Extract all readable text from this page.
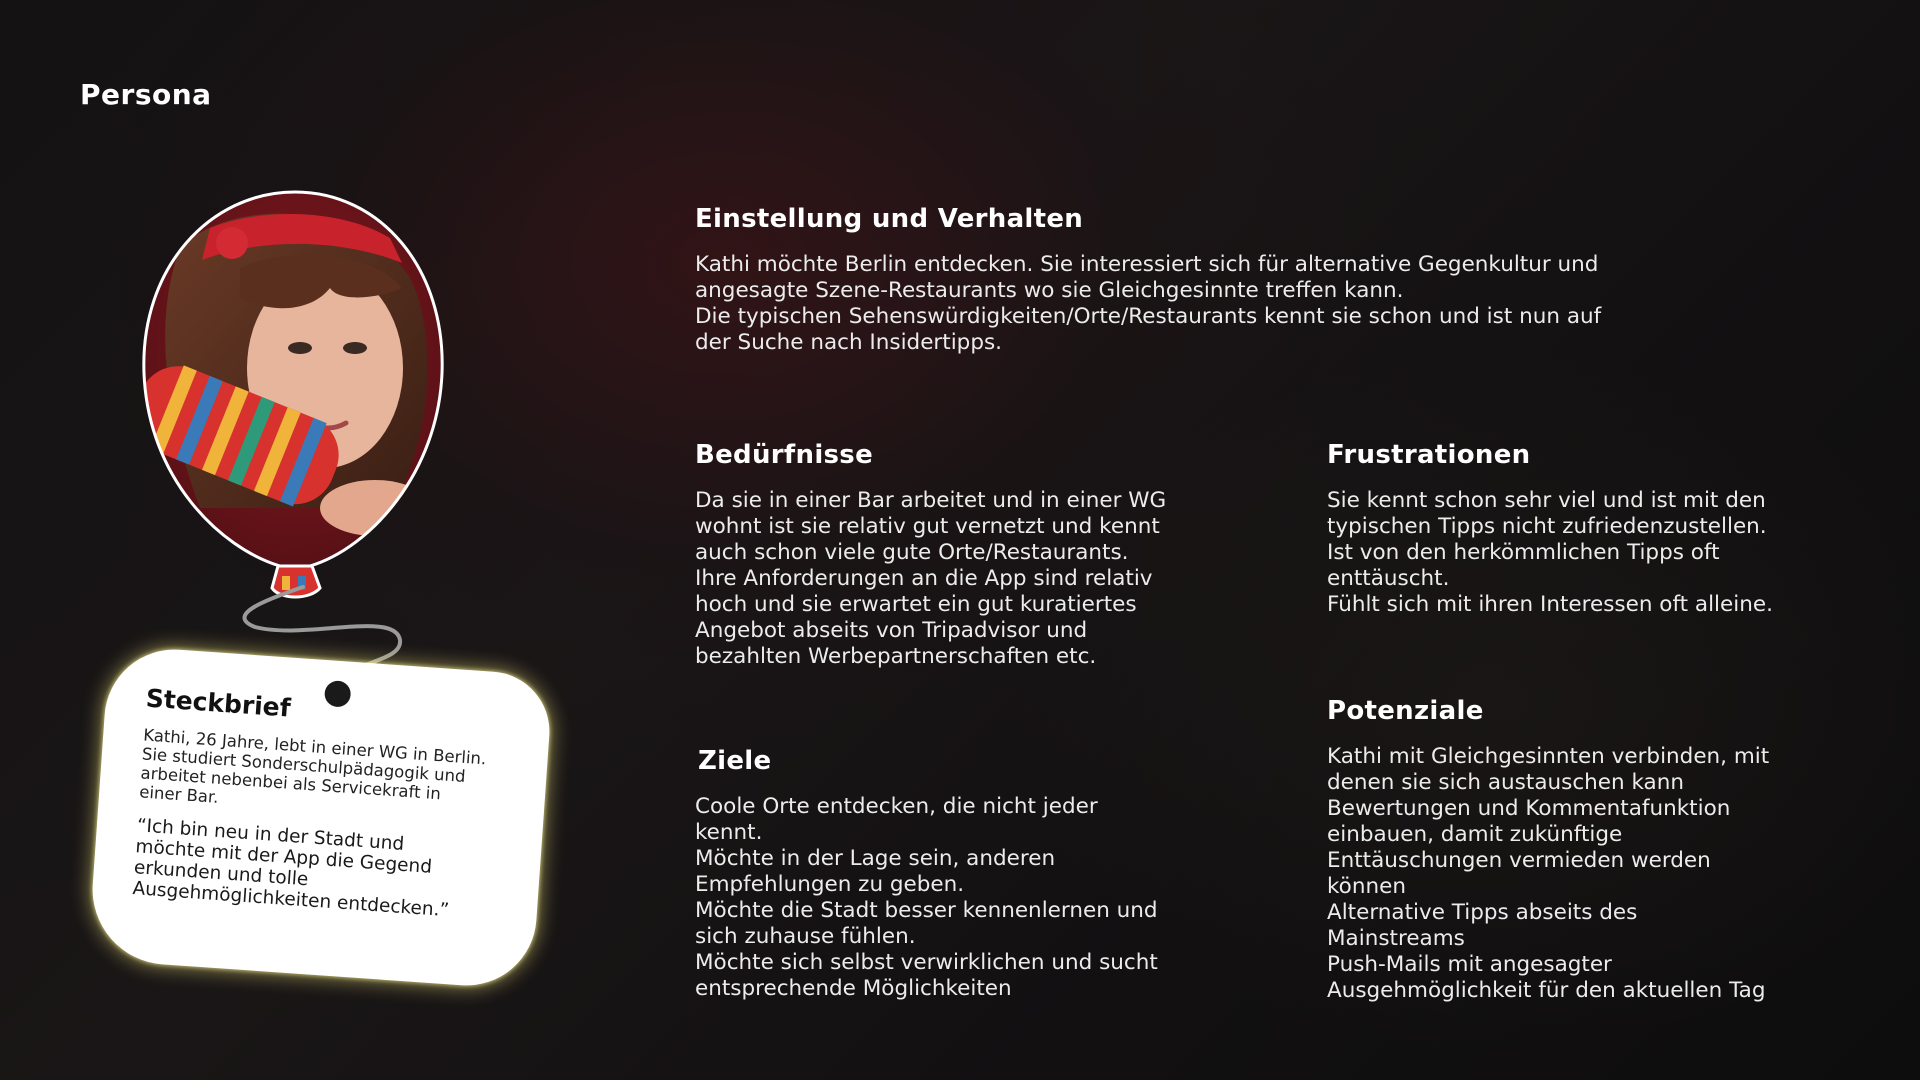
Persona
Steckbrief
Kathi, 26 Jahre, lebt in einer WG in Berlin.
Sie studiert Sonderschulpädagogik und
arbeitet nebenbei als Servicekraft in
einer Bar.
“Ich bin neu in der Stadt und
möchte mit der App die Gegend
erkunden und tolle
Ausgehmöglichkeiten entdecken.”
Einstellung und Verhalten

Kathi möchte Berlin entdecken. Sie interessiert sich für alternative Gegenkultur und
angesagte Szene-Restaurants wo sie Gleichgesinnte treffen kann.
Die typischen Sehenswürdigkeiten/Orte/Restaurants kennt sie schon und ist nun auf
der Suche nach Insidertipps.

Bedürfnisse

Da sie in einer Bar arbeitet und in einer WG
wohnt ist sie relativ gut vernetzt und kennt
auch schon viele gute Orte/Restaurants.
Ihre Anforderungen an die App sind relativ
hoch und sie erwartet ein gut kuratiertes
Angebot abseits von Tripadvisor und
bezahlten Werbepartnerschaften etc.

Frustrationen

Sie kennt schon sehr viel und ist mit den
typischen Tipps nicht zufriedenzustellen.
Ist von den herkömmlichen Tipps oft
enttäuscht.
Fühlt sich mit ihren Interessen oft alleine.

Ziele

Coole Orte entdecken, die nicht jeder
kennt.
Möchte in der Lage sein, anderen
Empfehlungen zu geben.
Möchte die Stadt besser kennenlernen und
sich zuhause fühlen.
Möchte sich selbst verwirklichen und sucht
entsprechende Möglichkeiten

Potenziale

Kathi mit Gleichgesinnten verbinden, mit
denen sie sich austauschen kann
Bewertungen und Kommentafunktion
einbauen, damit zukünftige
Enttäuschungen vermieden werden
können
Alternative Tipps abseits des
Mainstreams
Push-Mails mit angesagter
Ausgehmöglichkeit für den aktuellen Tag
